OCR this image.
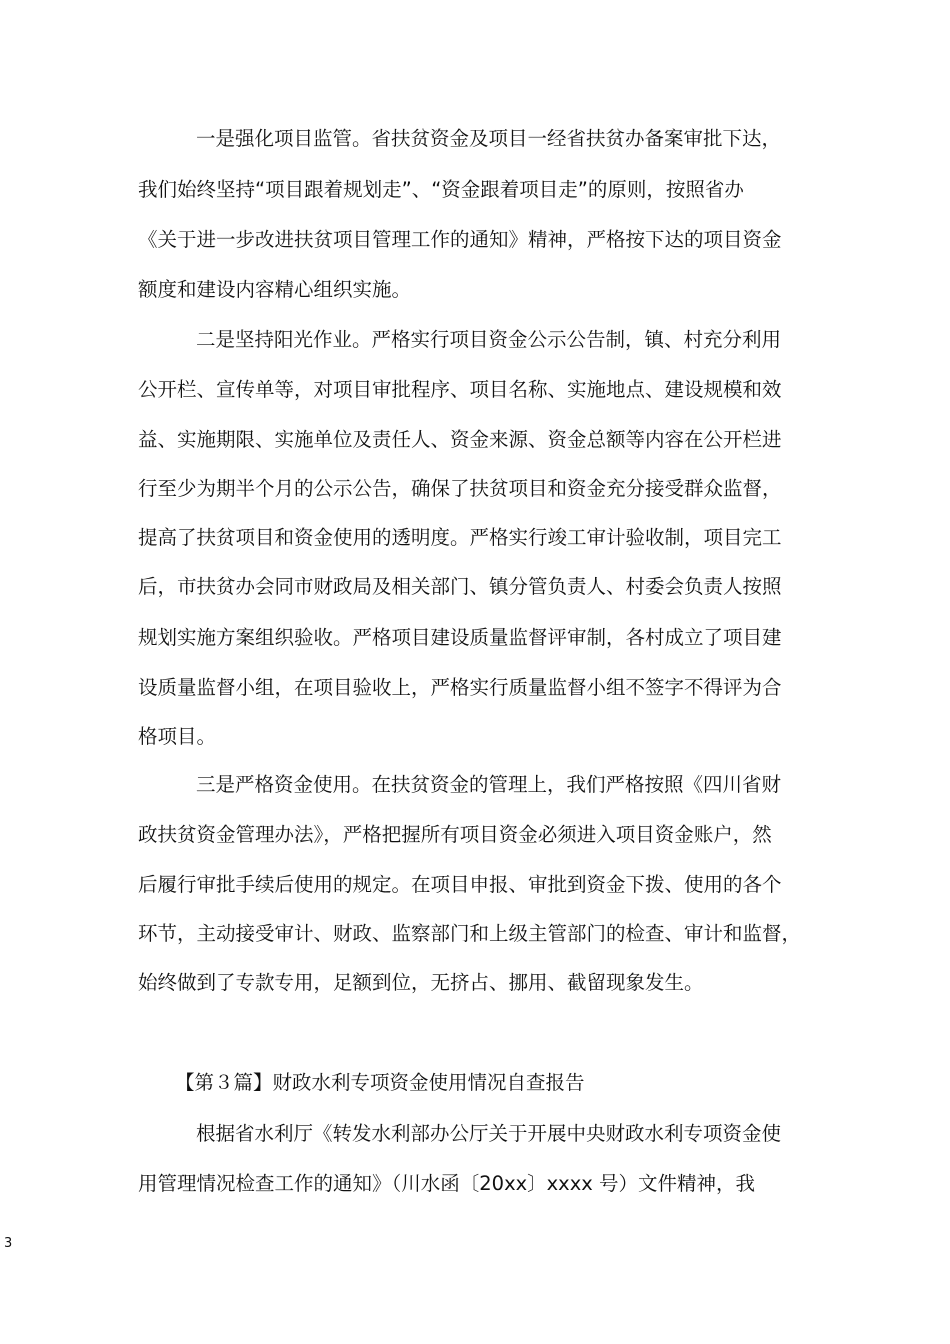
一是强化项目监管。省扶贫资金及项目一经省扶贫办备案审批下达，

我们始终坚持“项目跟着规划走”、“资金跟着项目走”的原则，按照省办

《关于进一步改进扶贫项目管理工作的通知》精神，严格按下达的项目资金

额度和建设内容精心组织实施。

二是坚持阳光作业。严格实行项目资金公示公告制，镇、村充分利用

公开栏、宣传单等，对项目审批程序、项目名称、实施地点、建设规模和效

益、实施期限、实施单位及责任人、资金来源、资金总额等内容在公开栏进

行至少为期半个月的公示公告，确保了扶贫项目和资金充分接受群众监督，

提高了扶贫项目和资金使用的透明度。严格实行竣工审计验收制，项目完工

后，市扶贫办会同市财政局及相关部门、镇分管负责人、村委会负责人按照

规划实施方案组织验收。严格项目建设质量监督评审制，各村成立了项目建

设质量监督小组，在项目验收上，严格实行质量监督小组不签字不得评为合

格项目。

三是严格资金使用。在扶贫资金的管理上，我们严格按照《四川省财

政扶贫资金管理办法》，严格把握所有项目资金必须进入项目资金账户，然

后履行审批手续后使用的规定。在项目申报、审批到资金下拨、使用的各个

环节，主动接受审计、财政、监察部门和上级主管部门的检查、审计和监督，

始终做到了专款专用，足额到位，无挤占、挪用、截留现象发生。

【第３篇】财政水利专项资金使用情况自查报告

根据省水利厅《转发水利部办公厅关于开展中央财政水利专项资金使

用管理情况检查工作的通知》（川水函〔20xx〕xxxx 号）文件精神，我

3
